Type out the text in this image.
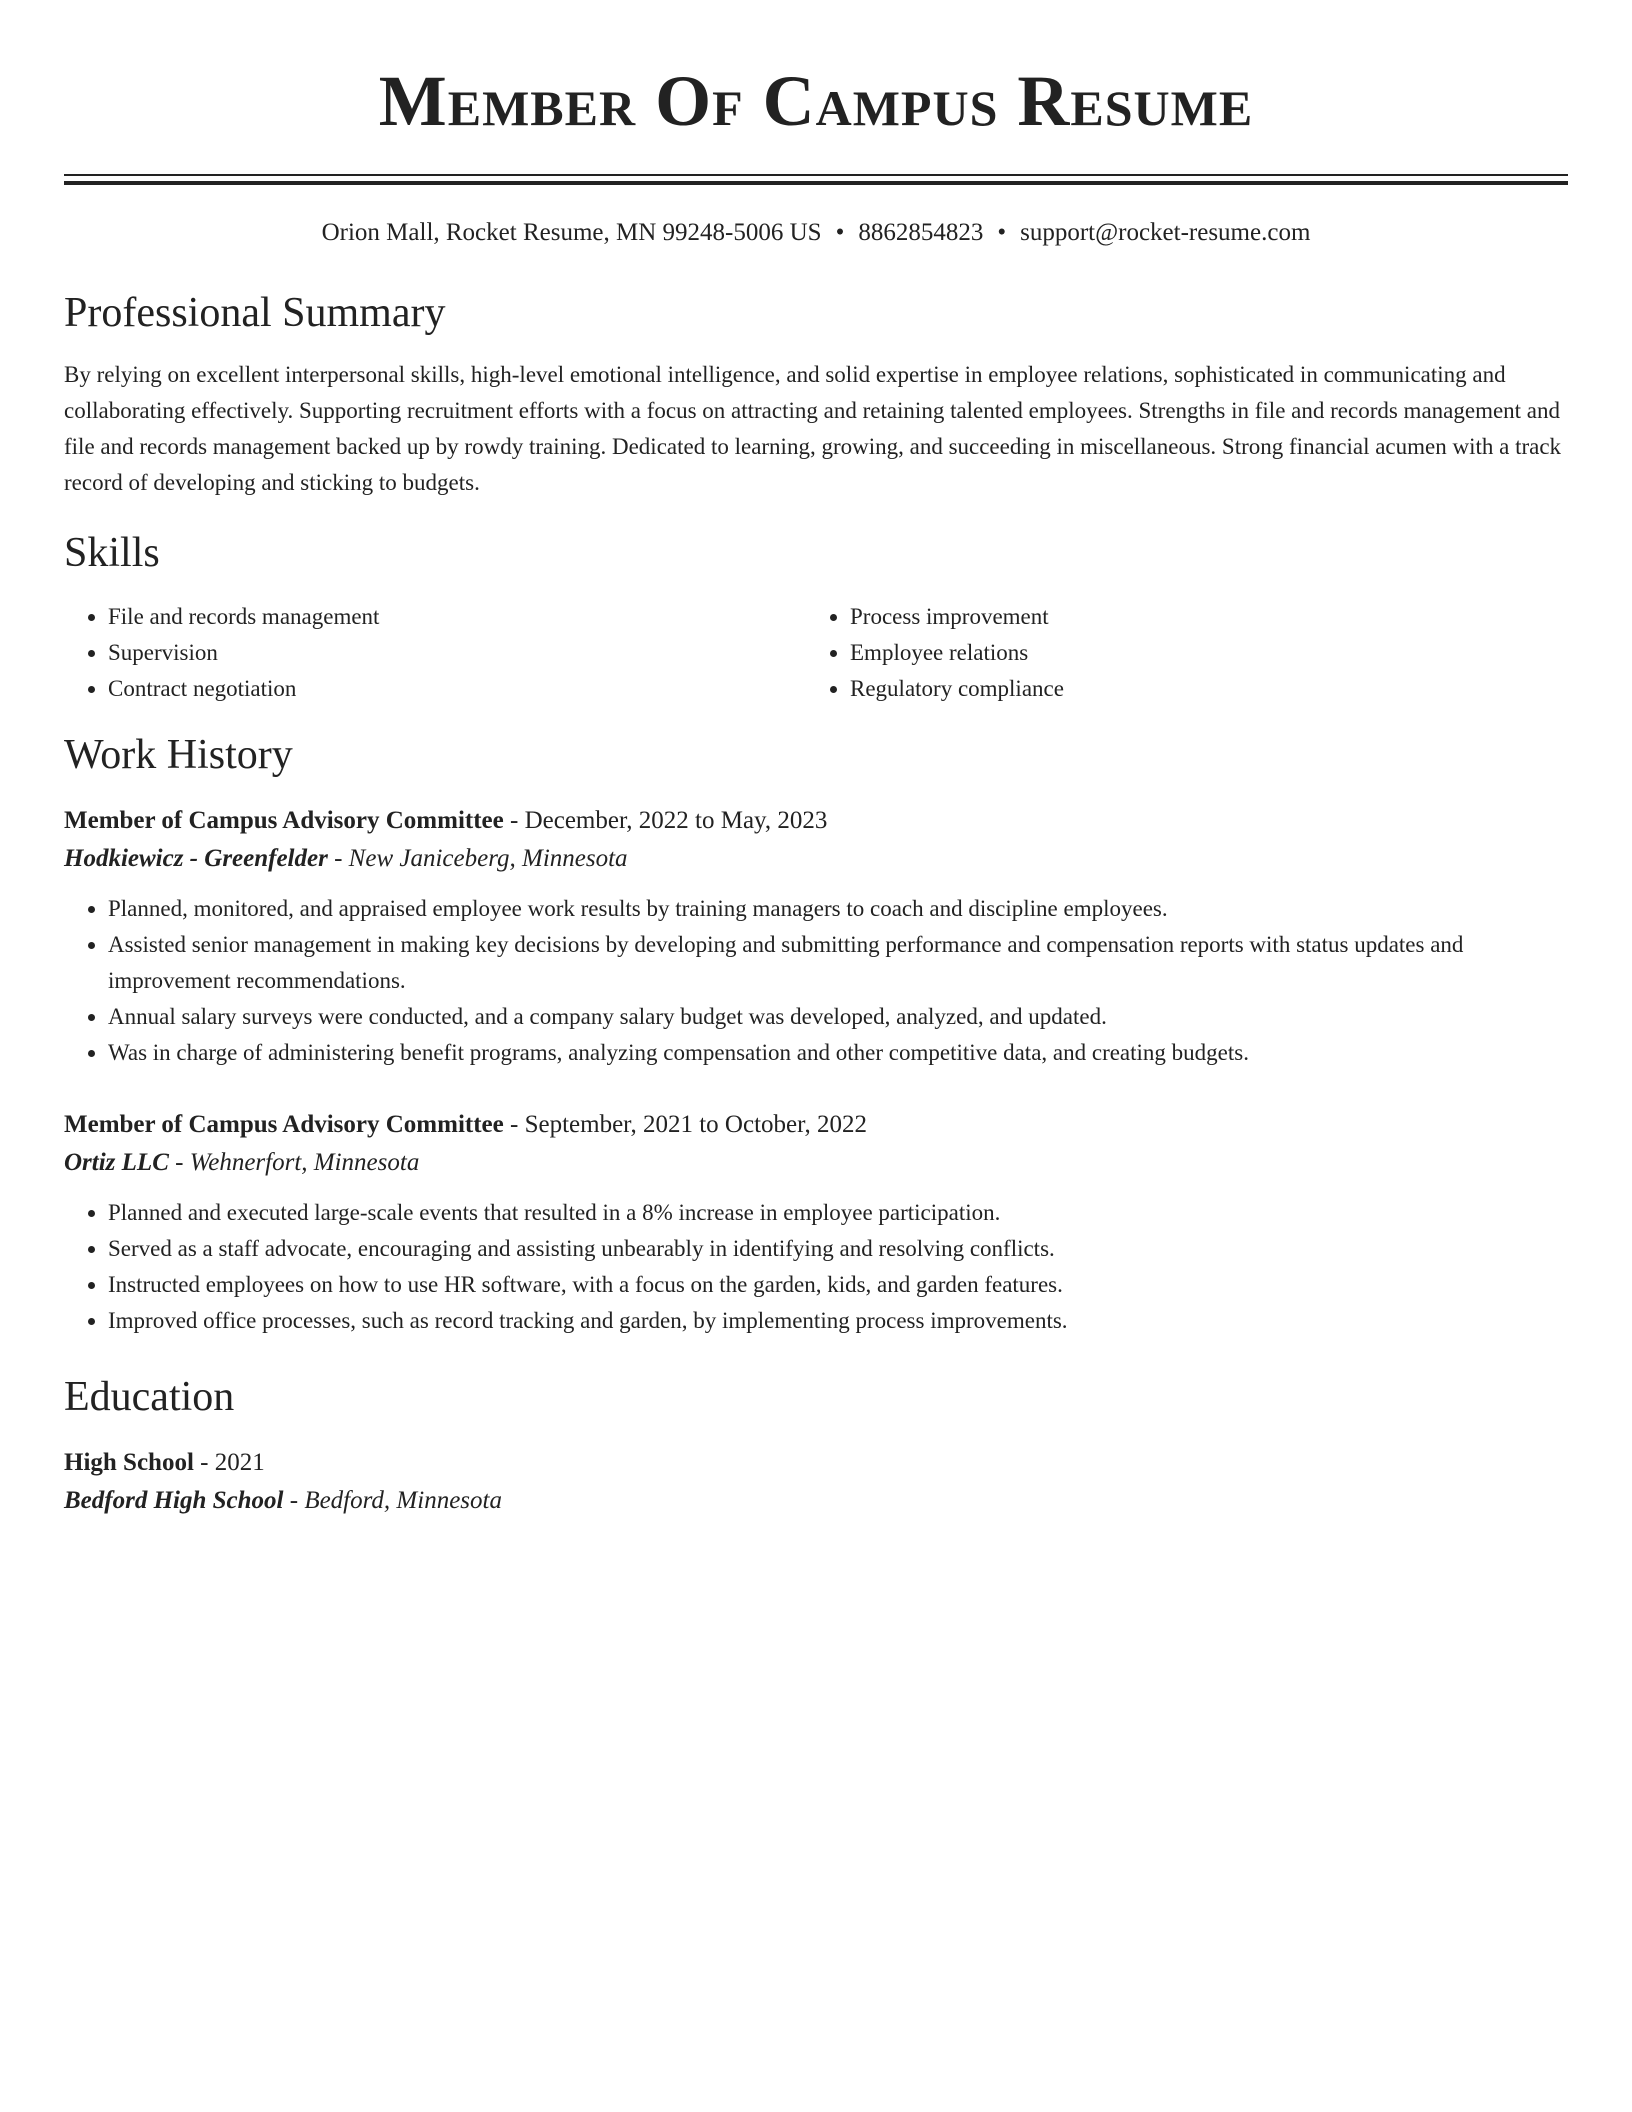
Member Of Campus Resume
Orion Mall, Rocket Resume, MN 99248-5006 US • 8862854823 • support@rocket-resume.com
Professional Summary
By relying on excellent interpersonal skills, high-level emotional intelligence, and solid expertise in employee relations, sophisticated in communicating and collaborating effectively. Supporting recruitment efforts with a focus on attracting and retaining talented employees. Strengths in file and records management and file and records management backed up by rowdy training. Dedicated to learning, growing, and succeeding in miscellaneous. Strong financial acumen with a track record of developing and sticking to budgets.
Skills
• File and records management
• Supervision
• Contract negotiation
• Process improvement
• Employee relations
• Regulatory compliance
Work History
Member of Campus Advisory Committee - December, 2022 to May, 2023
Hodkiewicz - Greenfelder - New Janiceberg, Minnesota
• Planned, monitored, and appraised employee work results by training managers to coach and discipline employees.
• Assisted senior management in making key decisions by developing and submitting performance and compensation reports with status updates and improvement recommendations.
• Annual salary surveys were conducted, and a company salary budget was developed, analyzed, and updated.
• Was in charge of administering benefit programs, analyzing compensation and other competitive data, and creating budgets.
Member of Campus Advisory Committee - September, 2021 to October, 2022
Ortiz LLC - Wehnerfort, Minnesota
• Planned and executed large-scale events that resulted in a 8% increase in employee participation.
• Served as a staff advocate, encouraging and assisting unbearably in identifying and resolving conflicts.
• Instructed employees on how to use HR software, with a focus on the garden, kids, and garden features.
• Improved office processes, such as record tracking and garden, by implementing process improvements.
Education
High School - 2021
Bedford High School - Bedford, Minnesota
